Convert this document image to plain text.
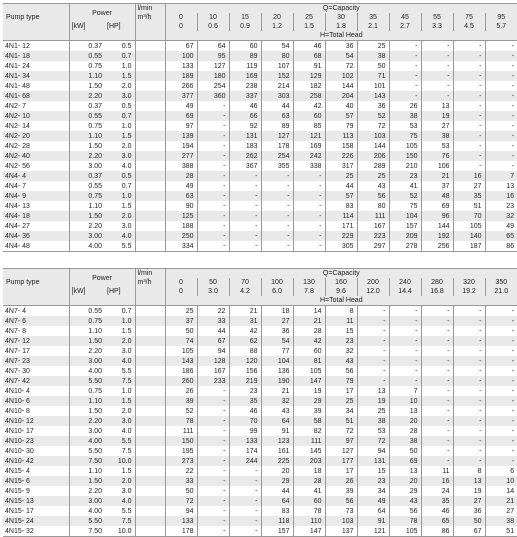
Pump type	Power		l/min	Q=Capacity										
			m³/h	0	10	15	20	25	30	35	45	55	75	95
	[kW]	[HP]		0	0.6	0.9	1.2	1.5	1.8	2.1	2.7	3.3	4.5	5.7
				H=Total Head										
4N1- 12	0.37	0.5		67	64	60	54	46	36	25	-	-	-	-
4N1- 18	0.55	0.7		100	95	89	80	68	54	38	-	-	-	-
4N1- 24	0.75	1.0		133	127	119	107	91	72	50	-	-	-	-
4N1- 34	1.10	1.5		189	180	169	152	129	102	71	-	-	-	-
4N1- 48	1.50	2.0		266	254	238	214	182	144	101	-	-	-	-
4N1- 68	2.20	3.0		377	360	337	303	258	204	143	-	-	-	-
4N2- 7	0.37	0.5		49	-	46	44	42	40	36	26	13	-	-
4N2- 10	0.55	0.7		69	-	66	63	60	57	52	38	19	-	-
4N2- 14	0.75	1.0		97	-	92	89	85	79	72	53	27	-	-
4N2- 20	1.10	1.5		139	-	131	127	121	113	103	75	38	-	-
4N2- 28	1.50	2.0		194	-	183	178	169	158	144	105	53	-	-
4N2- 40	2.20	3.0		277	-	262	254	242	226	206	150	76	-	-
4N2- 56	3.00	4.0		388	-	367	355	338	317	289	210	106	-	-
4N4- 4	0.37	0.5		28	-	-	-	-	25	25	23	21	16	7
4N4- 7	0.55	0.7		49	-	-	-	-	44	43	41	37	27	13
4N4- 9	0.75	1.0		63	-	-	-	-	57	56	52	48	35	16
4N4- 13	1.10	1.5		90	-	-	-	-	83	80	75	69	51	23
4N4- 18	1.50	2.0		125	-	-	-	-	114	111	104	96	70	32
4N4- 27	2.20	3.0		188	-	-	-	-	171	167	157	144	105	49
4N4- 36	3.00	4.0		250	-	-	-	-	229	223	209	192	140	65
4N4- 48	4.00	5.5		334	-	-	-	-	305	297	278	256	187	86
Pump type	Power		l/min	Q=Capacity										
			m³/h	0	50	70	100	130	160	200	240	280	320	350
	[kW]	[HP]		0	3.0	4.2	6.0	7.8	9.6	12.0	14.4	16.8	19.2	21.0
				H=Total Head										
4N7- 4	0.55	0.7		25	22	21	18	14	8	-	-	-	-	-
4N7- 6	0.75	1.0		37	33	31	27	21	11	-	-	-	-	-
4N7- 8	1.10	1.5		50	44	42	36	28	15	-	-	-	-	-
4N7- 12	1.50	2.0		74	67	62	54	42	23	-	-	-	-	-
4N7- 17	2.20	3.0		105	94	88	77	60	32	-	-	-	-	-
4N7- 23	3.00	4.0		143	128	120	104	81	43	-	-	-	-	-
4N7- 30	4.00	5.5		186	167	156	136	105	56	-	-	-	-	-
4N7- 42	5.50	7.5		260	233	219	190	147	79	-	-	-	-	-
4N10- 4	0.75	1.0		26	-	23	21	19	17	13	7	-	-	-
4N10- 6	1.10	1.5		39	-	35	32	29	25	19	10	-	-	-
4N10- 8	1.50	2.0		52	-	46	43	39	34	25	13	-	-	-
4N10- 12	2.20	3.0		78	-	70	64	58	51	38	20	-	-	-
4N10- 17	3.00	4.0		111	-	99	91	82	72	53	28	-	-	-
4N10- 23	4.00	5.5		150	-	133	123	111	97	72	38	-	-	-
4N10- 30	5.50	7.5		195	-	174	161	145	127	94	50	-	-	-
4N10- 42	7.50	10.0		273	-	244	225	203	177	131	69	-	-	-
4N15- 4	1.10	1.5		22	-	-	20	18	17	15	13	11	8	6
4N15- 6	1.50	2.0		33	-	-	29	28	26	23	20	16	13	10
4N15- 9	2.20	3.0		50	-	-	44	41	39	34	29	24	19	14
4N15- 13	3.00	4.0		72	-	-	64	60	56	49	43	35	27	21
4N15- 17	4.00	5.5		94	-	-	83	78	73	64	56	46	36	27
4N15- 24	5.50	7.5		133	-	-	118	110	103	91	78	65	50	38
4N15- 32	7.50	10.0		178	-	-	157	147	137	121	105	86	67	51
